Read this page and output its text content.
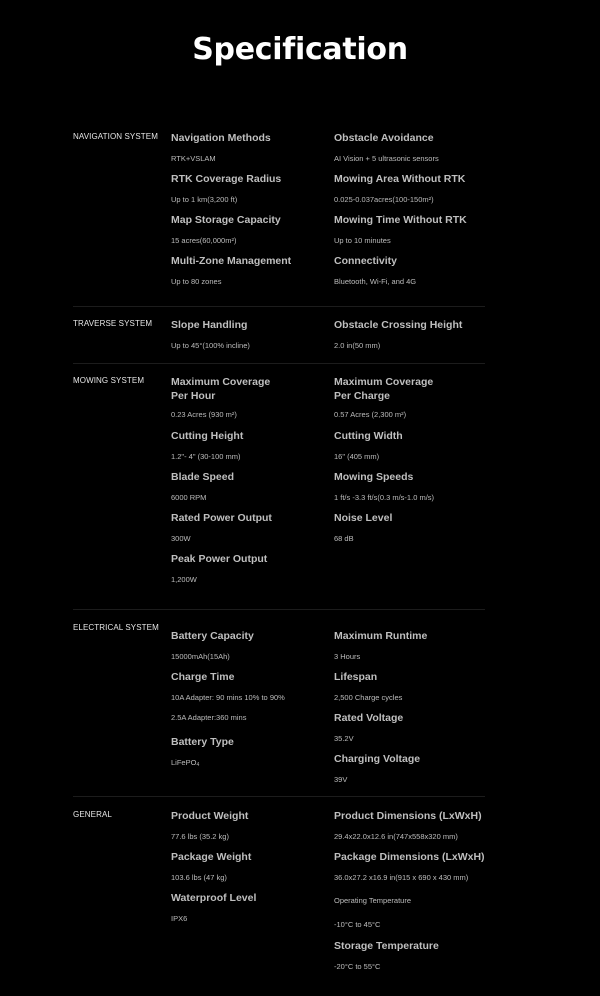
Specification
NAVIGATION SYSTEM Navigation Methods
RTK+VSLAM
RTK Coverage Radius
Up to 1 km(3,200 ft)
Map Storage Capacity
15 acres(60,000m²)
Multi-Zone Management
Up to 80 zones
Obstacle Avoidance
AI Vision + 5 ultrasonic sensors
Mowing Area Without RTK
0.025-0.037acres(100-150m²)
Mowing Time Without RTK
Up to 10 minutes
Connectivity
Bluetooth, Wi-Fi, and 4G
TRAVERSE SYSTEM Slope Handling
Up to 45°(100% incline)
Obstacle Crossing Height
2.0 in(50 mm)
MOWING SYSTEM	Maximum Coverage
Per Hour
0.23 Acres (930 m²)
Cutting Height
1.2"- 4" (30-100 mm)
Blade Speed
6000 RPM
Rated Power Output
300W
Peak Power Output
1,200W
Maximum Coverage
Per Charge
0.57 Acres (2,300 m²)
Cutting Width
16" (405 mm)
Mowing Speeds
1 ft/s -3.3 ft/s(0.3 m/s-1.0 m/s)
Noise Level
68 dB
ELECTRICAL SYSTEM
Battery Capacity
15000mAh(15Ah)
Charge Time
10A Adapter: 90 mins 10% to 90%
2.5A Adapter:360 mins
Battery Type
LiFePO$_4$
Maximum Runtime
3 Hours
Lifespan
2,500 Charge cycles
Rated Voltage
35.2V
Charging Voltage
39V
GENERAL	Product Weight
77.6 lbs (35.2 kg)
Package Weight
103.6 lbs (47 kg)
Waterproof Level
IPX6
Product Dimensions (LxWxH)
29.4x22.0x12.6 in(747x558x320 mm)
Package Dimensions (LxWxH)
36.0x27.2 x16.9 in(915 x 690 x 430 mm)
Operating Temperature
-10°C to 45°C
Storage Temperature
-20°C to 55°C
